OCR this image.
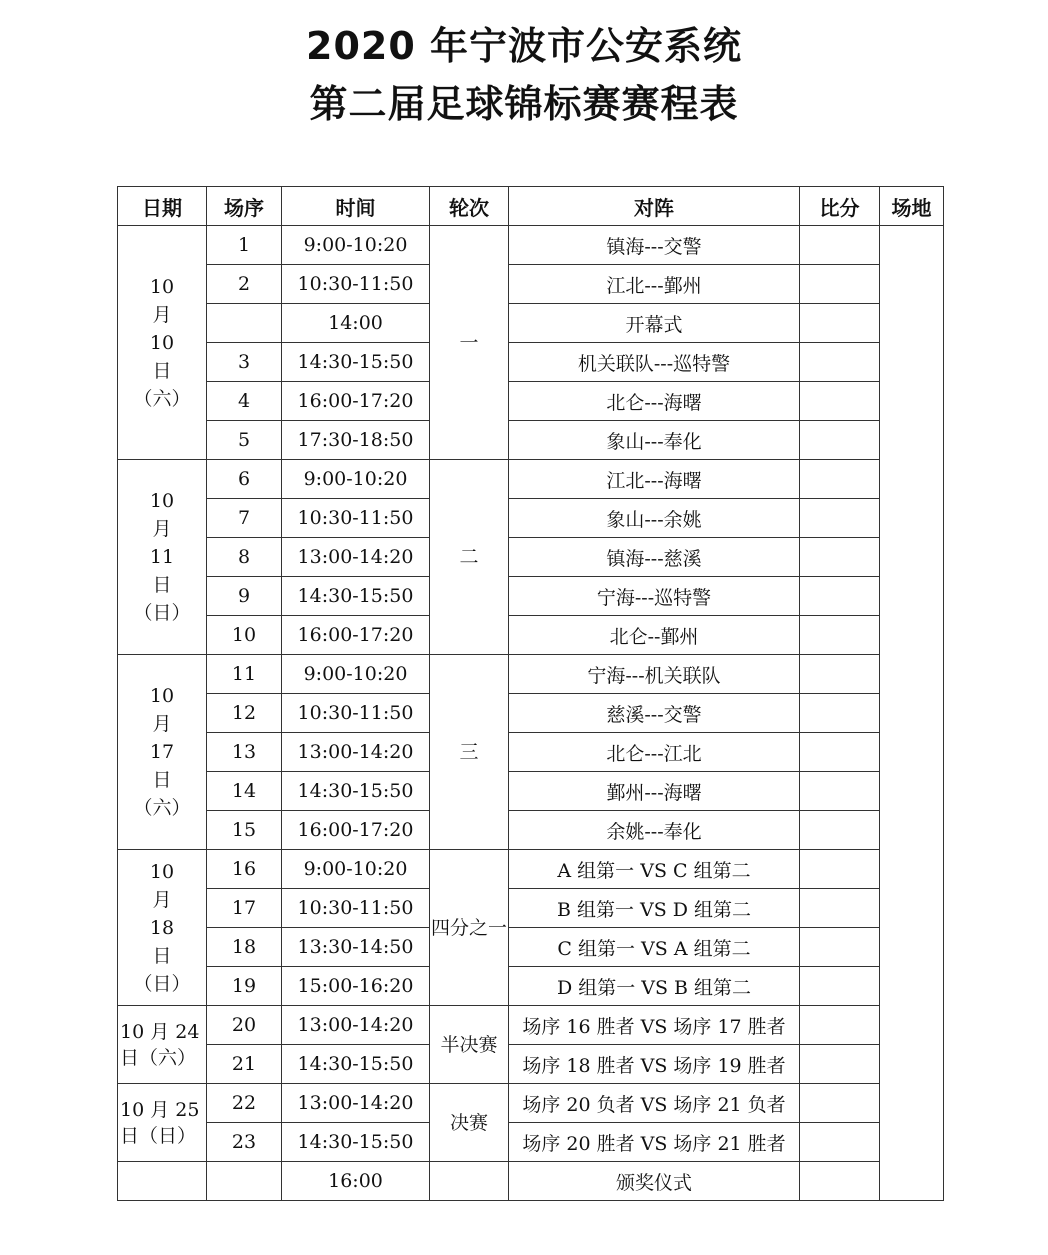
2020 年宁波市公安系统
第二届足球锦标赛赛程表
日期	场序	时间	轮次	对阵	比分	场地

10
月
10
日
（六）	1	9:00-10:20	一	镇海---交警		
	2	10:30-11:50		江北---鄞州		
		14:00		开幕式		
	3	14:30-15:50		机关联队---巡特警		
	4	16:00-17:20		北仑---海曙		
	5	17:30-18:50		象山---奉化		

10
月
11
日
（日）	6	9:00-10:20	二	江北---海曙		
	7	10:30-11:50		象山---余姚		
	8	13:00-14:20		镇海---慈溪		
	9	14:30-15:50		宁海---巡特警		
	10	16:00-17:20		北仑--鄞州		

10
月
17
日
（六）	11	9:00-10:20	三	宁海---机关联队		
	12	10:30-11:50		慈溪---交警		
	13	13:00-14:20		北仑---江北		
	14	14:30-15:50		鄞州---海曙		
	15	16:00-17:20		余姚---奉化		

10
月
18
日
（日）	16	9:00-10:20	四分之一	A 组第一 VS C 组第二		
	17	10:30-11:50		B 组第一 VS D 组第二		
	18	13:30-14:50		C 组第一 VS A 组第二		
	19	15:00-16:20		D 组第一 VS B 组第二		

10 月 24
日（六）	20	13:00-14:20	半决赛	场序 16 胜者 VS 场序 17 胜者		
	21	14:30-15:50		场序 18 胜者 VS 场序 19 胜者		

10 月 25
日（日）	22	13:00-14:20	决赛	场序 20 负者 VS 场序 21 负者		
	23	14:30-15:50		场序 20 胜者 VS 场序 21 胜者		
		16:00		颁奖仪式		
